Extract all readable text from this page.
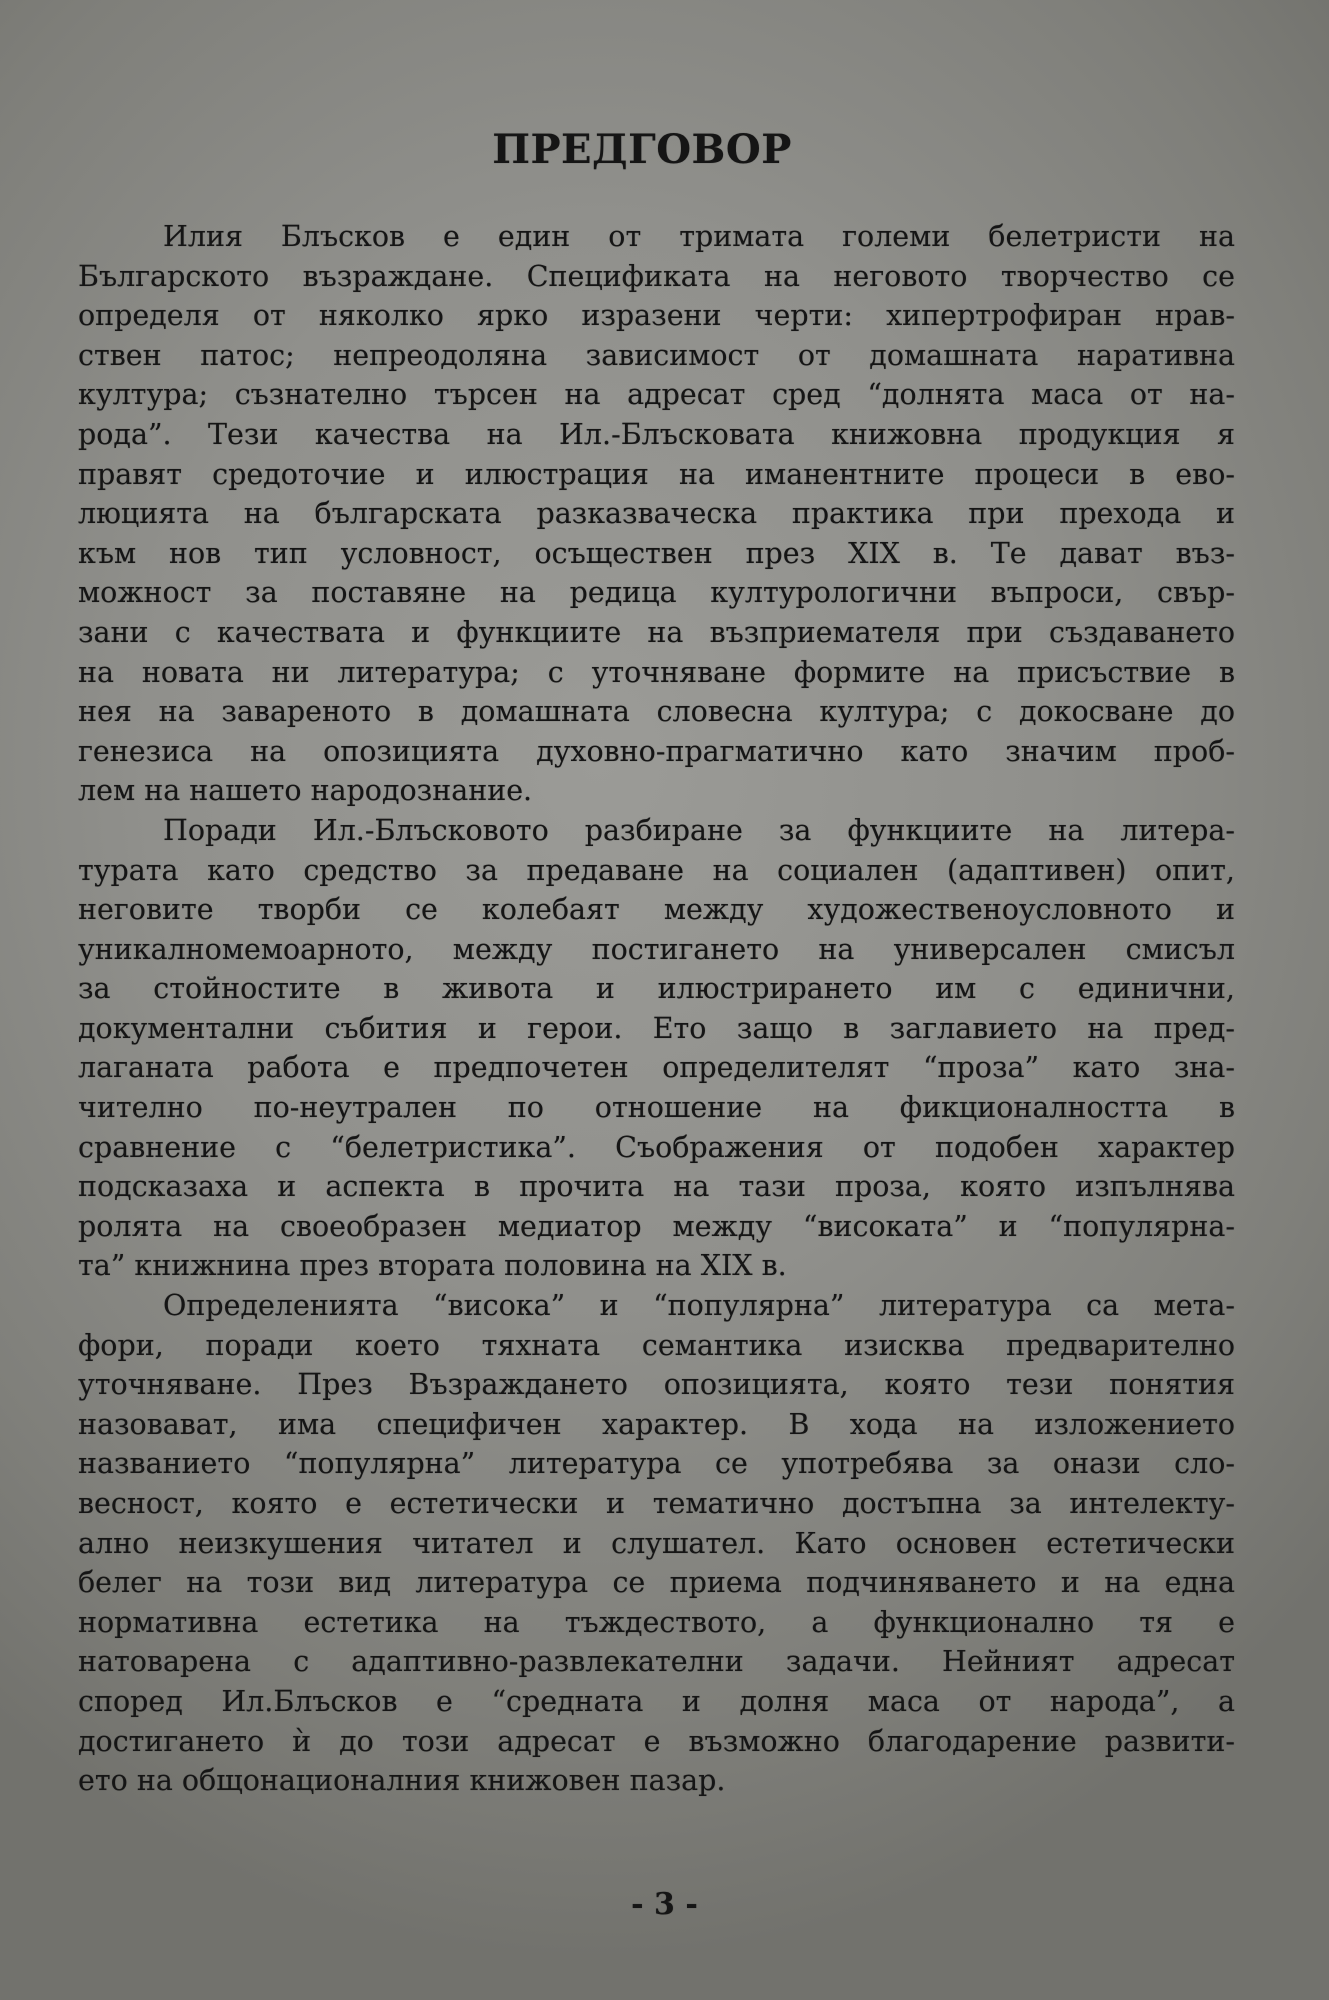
ПРЕДГОВОР
Илия Блъсков е един от тримата големи белетристи на
Българското възраждане. Спецификата на неговото творчество се
определя от няколко ярко изразени черти: хипертрофиран нрав-
ствен патос; непреодоляна зависимост от домашната наративна
култура; съзнателно търсен на адресат сред “долнята маса от на-
рода”. Тези качества на Ил.-Блъсковата книжовна продукция я
правят средоточие и илюстрация на иманентните процеси в ево-
люцията на българската разказваческа практика при прехода и
към нов тип условност, осъществен през XIX в. Те дават въз-
можност за поставяне на редица културологични въпроси, свър-
зани с качествата и функциите на възприемателя при създаването
на новата ни литература; с уточняване формите на присъствие в
нея на завареното в домашната словесна култура; с докосване до
генезиса на опозицията духовно-прагматично като значим проб-
лем на нашето народознание.
Поради Ил.-Блъсковото разбиране за функциите на литера-
турата като средство за предаване на социален (адаптивен) опит,
неговите творби се колебаят между художественоусловното и
уникалномемоарното, между постигането на универсален смисъл
за стойностите в живота и илюстрирането им с единични,
документални събития и герои. Ето защо в заглавието на пред-
лаганата работа е предпочетен определителят “проза” като зна-
чително по-неутрален по отношение на фикционалността в
сравнение с “белетристика”. Съображения от подобен характер
подсказаха и аспекта в прочита на тази проза, която изпълнява
ролята на своеобразен медиатор между “високата” и “популярна-
та” книжнина през втората половина на XIX в.
Определенията “висока” и “популярна” литература са мета-
фори, поради което тяхната семантика изисква предварително
уточняване. През Възраждането опозицията, която тези понятия
назовават, има специфичен характер. В хода на изложението
названието “популярна” литература се употребява за онази сло-
весност, която е естетически и тематично достъпна за интелекту-
ално неизкушения читател и слушател. Като основен естетически
белег на този вид литература се приема подчиняването и на една
нормативна естетика на тъждеството, а функционално тя е
натоварена с адаптивно-развлекателни задачи. Нейният адресат
според Ил.Блъсков е “средната и долня маса от народа”, а
достигането ѝ до този адресат е възможно благодарение развити-
ето на общонационалния книжовен пазар.
- 3 -
